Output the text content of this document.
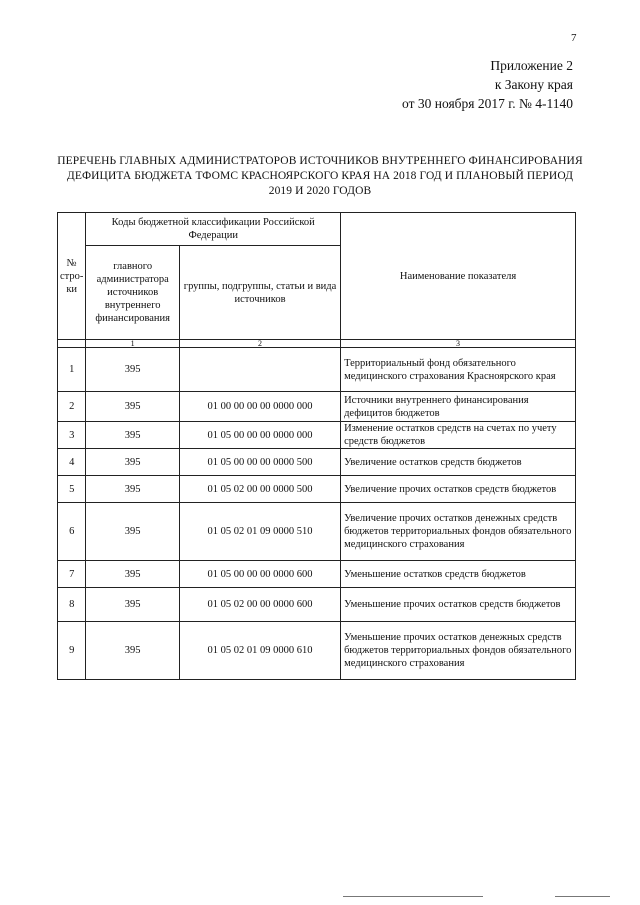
7
Приложение 2
к Закону края
от 30 ноября 2017 г. № 4-1140
ПЕРЕЧЕНЬ ГЛАВНЫХ АДМИНИСТРАТОРОВ ИСТОЧНИКОВ ВНУТРЕННЕГО ФИНАНСИРОВАНИЯ
ДЕФИЦИТА БЮДЖЕТА ТФОМС КРАСНОЯРСКОГО КРАЯ НА 2018 ГОД И ПЛАНОВЫЙ ПЕРИОД
2019 И 2020 ГОДОВ
№ стро-ки	Коды бюджетной классификации Российской Федерации		Наименование показателя
	главного администратора источников внутреннего финансирования	группы, подгруппы, статьи и вида источников	
	1	2	3
1	395		Территориальный фонд обязательного медицинского страхования Красноярского края
2	395	01 00 00 00 00 0000 000	Источники внутреннего финансирования дефицитов бюджетов
3	395	01 05 00 00 00 0000 000	Изменение остатков средств на счетах по учету средств бюджетов
4	395	01 05 00 00 00 0000 500	Увеличение остатков средств бюджетов
5	395	01 05 02 00 00 0000 500	Увеличение прочих остатков средств бюджетов
6	395	01 05 02 01 09 0000 510	Увеличение прочих остатков денежных средств бюджетов территориальных фондов обязательного медицинского страхования
7	395	01 05 00 00 00 0000 600	Уменьшение остатков средств бюджетов
8	395	01 05 02 00 00 0000 600	Уменьшение прочих остатков средств бюджетов
9	395	01 05 02 01 09 0000 610	Уменьшение прочих остатков денежных средств бюджетов территориальных фондов обязательного медицинского страхования
